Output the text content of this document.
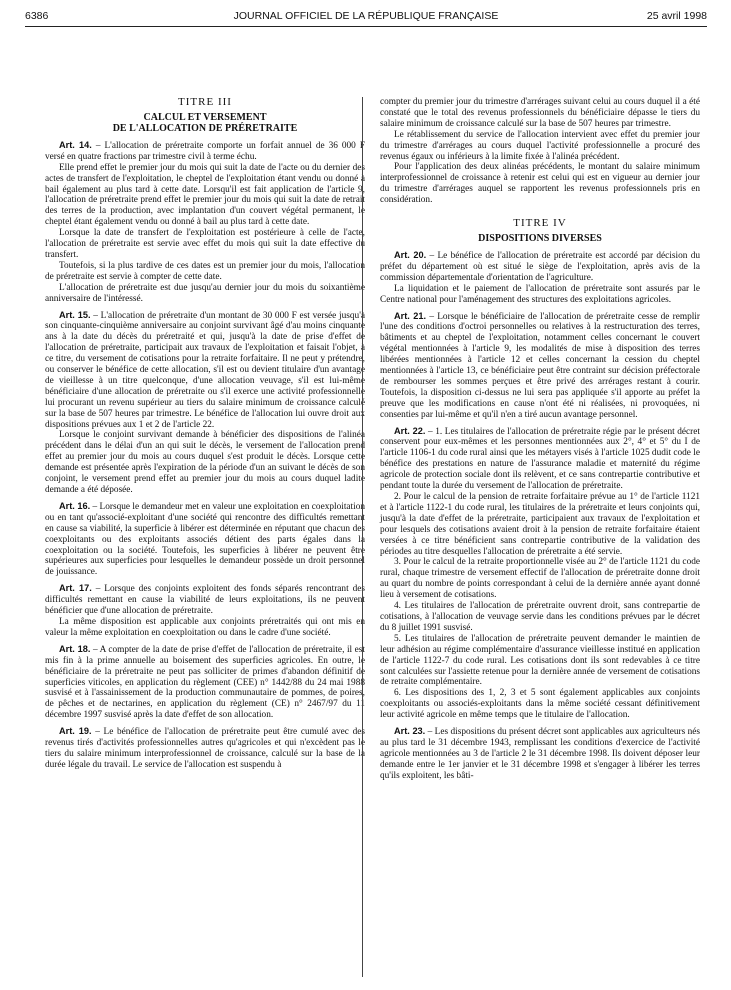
6386	JOURNAL OFFICIEL DE LA RÉPUBLIQUE FRANÇAISE	25 avril 1998
TITRE III
CALCUL ET VERSEMENT
DE L'ALLOCATION DE PRÉRETRAITE

Art. 14. – L'allocation de préretraite comporte un forfait annuel de 36 000 F versé en quatre fractions par trimestre civil à terme échu.

Elle prend effet le premier jour du mois qui suit la date de l'acte ou du dernier des actes de transfert de l'exploitation, le cheptel de l'exploitation étant vendu ou donné à bail également au plus tard à cette date. Lorsqu'il est fait application de l'article 9, l'allocation de préretraite prend effet le premier jour du mois qui suit la date de retrait des terres de la production, avec implantation d'un couvert végétal permanent, le cheptel étant également vendu ou donné à bail au plus tard à cette date.

Lorsque la date de transfert de l'exploitation est postérieure à celle de l'acte, l'allocation de préretraite est servie avec effet du mois qui suit la date effective du transfert.

Toutefois, si la plus tardive de ces dates est un premier jour du mois, l'allocation de préretraite est servie à compter de cette date.

L'allocation de préretraite est due jusqu'au dernier jour du mois du soixantième anniversaire de l'intéressé.

Art. 15. – L'allocation de préretraite d'un montant de 30 000 F est versée jusqu'à son cinquante-cinquième anniversaire au conjoint survivant âgé d'au moins cinquante ans à la date du décès du préretraité et qui, jusqu'à la date de prise d'effet de l'allocation de préretraite, participait aux travaux de l'exploitation et faisait l'objet, à ce titre, du versement de cotisations pour la retraite forfaitaire. Il ne peut y prétendre, ou conserver le bénéfice de cette allocation, s'il est ou devient titulaire d'un avantage de vieillesse à un titre quelconque, d'une allocation veuvage, s'il est lui-même bénéficiaire d'une allocation de préretraite ou s'il exerce une activité professionnelle lui procurant un revenu supérieur au tiers du salaire minimum de croissance calculé sur la base de 507 heures par trimestre. Le bénéfice de l'allocation lui ouvre droit aux dispositions prévues aux 1 et 2 de l'article 22.

Lorsque le conjoint survivant demande à bénéficier des dispositions de l'alinéa précédent dans le délai d'un an qui suit le décès, le versement de l'allocation prend effet au premier jour du mois au cours duquel s'est produit le décès. Lorsque cette demande est présentée après l'expiration de la période d'un an suivant le décès de son conjoint, le versement prend effet au premier jour du mois au cours duquel ladite demande a été déposée.

Art. 16. – Lorsque le demandeur met en valeur une exploitation en coexploitation ou en tant qu'associé-exploitant d'une société qui rencontre des difficultés remettant en cause sa viabilité, la superficie à libérer est déterminée en réputant que chacun des coexploitants ou des exploitants associés détient des parts égales dans la coexploitation ou la société. Toutefois, les superficies à libérer ne peuvent être supérieures aux superficies pour lesquelles le demandeur possède un droit personnel de jouissance.

Art. 17. – Lorsque des conjoints exploitent des fonds séparés rencontrant des difficultés remettant en cause la viabilité de leurs exploitations, ils ne peuvent bénéficier que d'une allocation de préretraite.

La même disposition est applicable aux conjoints préretraités qui ont mis en valeur la même exploitation en coexploitation ou dans le cadre d'une société.

Art. 18. – A compter de la date de prise d'effet de l'allocation de préretraite, il est mis fin à la prime annuelle au boisement des superficies agricoles. En outre, le bénéficiaire de la préretraite ne peut pas solliciter de primes d'abandon définitif de superficies viticoles, en application du règlement (CEE) n° 1442/88 du 24 mai 1988 susvisé et à l'assainissement de la production communautaire de pommes, de poires, de pêches et de nectarines, en application du règlement (CE) n° 2467/97 du 11 décembre 1997 susvisé après la date d'effet de son allocation.

Art. 19. – Le bénéfice de l'allocation de préretraite peut être cumulé avec des revenus tirés d'activités professionnelles autres qu'agricoles et qui n'excèdent pas le tiers du salaire minimum interprofessionnel de croissance, calculé sur la base de la durée légale du travail. Le service de l'allocation est suspendu à

compter du premier jour du trimestre d'arrérages suivant celui au cours duquel il a été constaté que le total des revenus professionnels du bénéficiaire dépasse le tiers du salaire minimum de croissance calculé sur la base de 507 heures par trimestre.

Le rétablissement du service de l'allocation intervient avec effet du premier jour du trimestre d'arrérages au cours duquel l'activité professionnelle a procuré des revenus égaux ou inférieurs à la limite fixée à l'alinéa précédent.

Pour l'application des deux alinéas précédents, le montant du salaire minimum interprofessionnel de croissance à retenir est celui qui est en vigueur au dernier jour du trimestre d'arrérages auquel se rapportent les revenus professionnels pris en considération.

TITRE IV
DISPOSITIONS DIVERSES

Art. 20. – Le bénéfice de l'allocation de préretraite est accordé par décision du préfet du département où est situé le siège de l'exploitation, après avis de la commission départementale d'orientation de l'agriculture.

La liquidation et le paiement de l'allocation de préretraite sont assurés par le Centre national pour l'aménagement des structures des exploitations agricoles.

Art. 21. – Lorsque le bénéficiaire de l'allocation de préretraite cesse de remplir l'une des conditions d'octroi personnelles ou relatives à la restructuration des terres, bâtiments et au cheptel de l'exploitation, notamment celles concernant le couvert végétal mentionnées à l'article 9, les modalités de mise à disposition des terres libérées mentionnées à l'article 12 et celles concernant la cession du cheptel mentionnées à l'article 13, ce bénéficiaire peut être contraint sur décision préfectorale de rembourser les sommes perçues et être privé des arrérages restant à courir. Toutefois, la disposition ci-dessus ne lui sera pas appliquée s'il apporte au préfet la preuve que les modifications en cause n'ont été ni réalisées, ni provoquées, ni consenties par lui-même et qu'il n'en a tiré aucun avantage personnel.

Art. 22. – 1. Les titulaires de l'allocation de préretraite régie par le présent décret conservent pour eux-mêmes et les personnes mentionnées aux 2°, 4° et 5° du I de l'article 1106-1 du code rural ainsi que les métayers visés à l'article 1025 dudit code le bénéfice des prestations en nature de l'assurance maladie et maternité du régime agricole de protection sociale dont ils relèvent, et ce sans contrepartie contributive et pendant toute la durée du versement de l'allocation de préretraite.

2. Pour le calcul de la pension de retraite forfaitaire prévue au 1° de l'article 1121 et à l'article 1122-1 du code rural, les titulaires de la préretraite et leurs conjoints qui, jusqu'à la date d'effet de la préretraite, participaient aux travaux de l'exploitation et pour lesquels des cotisations avaient droit à la pension de retraite forfaitaire étaient versées à ce titre bénéficient sans contrepartie contributive de la validation des périodes au titre desquelles l'allocation de préretraite a été servie.

3. Pour le calcul de la retraite proportionnelle visée au 2° de l'article 1121 du code rural, chaque trimestre de versement effectif de l'allocation de préretraite donne droit au quart du nombre de points correspondant à celui de la dernière année ayant donné lieu à versement de cotisations.

4. Les titulaires de l'allocation de préretraite ouvrent droit, sans contrepartie de cotisations, à l'allocation de veuvage servie dans les conditions prévues par le décret du 8 juillet 1991 susvisé.

5. Les titulaires de l'allocation de préretraite peuvent demander le maintien de leur adhésion au régime complémentaire d'assurance vieillesse institué en application de l'article 1122-7 du code rural. Les cotisations dont ils sont redevables à ce titre sont calculées sur l'assiette retenue pour la dernière année de versement de cotisations de retraite complémentaire.

6. Les dispositions des 1, 2, 3 et 5 sont également applicables aux conjoints coexploitants ou associés-exploitants dans la même société cessant définitivement leur activité agricole en même temps que le titulaire de l'allocation.

Art. 23. – Les dispositions du présent décret sont applicables aux agriculteurs nés au plus tard le 31 décembre 1943, remplissant les conditions d'exercice de l'activité agricole mentionnées au 3 de l'article 2 le 31 décembre 1998. Ils doivent déposer leur demande entre le 1er janvier et le 31 décembre 1998 et s'engager à libérer les terres qu'ils exploitent, les bâti-
